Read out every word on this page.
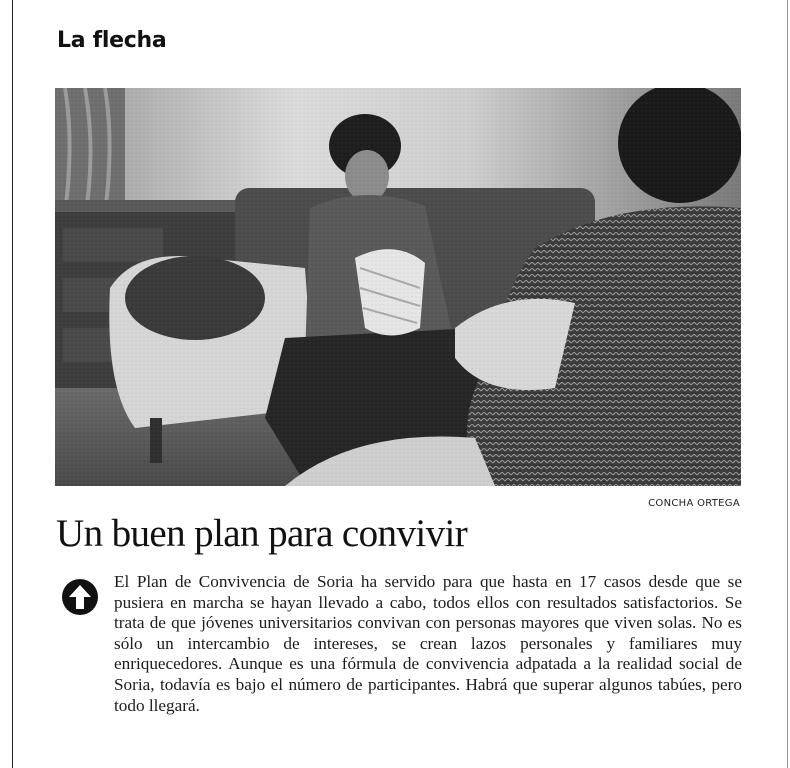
La flecha
CONCHA ORTEGA
Un buen plan para convivir

El Plan de Convivencia de Soria ha servido para que hasta en 17 casos desde que se pusiera en marcha se hayan llevado a cabo, todos ellos con resultados satisfactorios. Se trata de que jóvenes universitarios convivan con personas mayores que viven solas. No es sólo un intercambio de intereses, se crean lazos personales y familiares muy enriquecedores. Aunque es una fórmula de convivencia adpatada a la realidad social de Soria, todavía es bajo el número de participantes. Habrá que superar algunos tabúes, pero todo llegará.
